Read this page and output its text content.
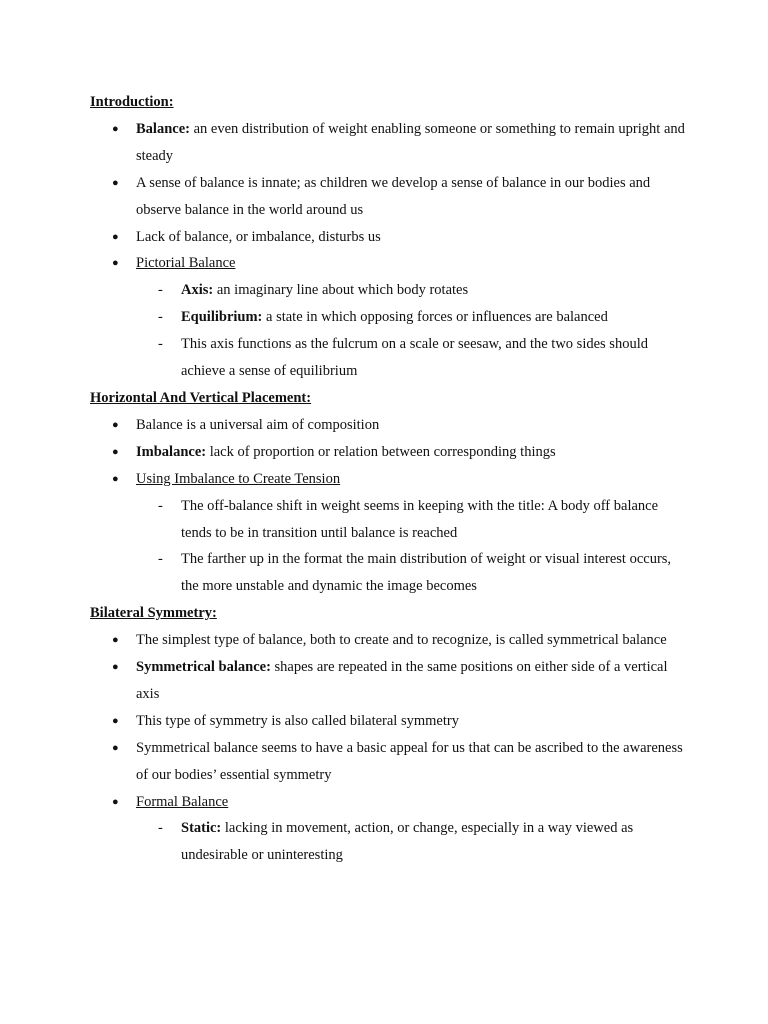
Introduction:

● Balance: an even distribution of weight enabling someone or something to remain upright and steady
● A sense of balance is innate; as children we develop a sense of balance in our bodies and observe balance in the world around us
● Lack of balance, or imbalance, disturbs us
● Pictorial Balance
- Axis: an imaginary line about which body rotates
- Equilibrium: a state in which opposing forces or influences are balanced
- This axis functions as the fulcrum on a scale or seesaw, and the two sides should achieve a sense of equilibrium

Horizontal And Vertical Placement:

● Balance is a universal aim of composition
● Imbalance: lack of proportion or relation between corresponding things
● Using Imbalance to Create Tension
- The off-balance shift in weight seems in keeping with the title: A body off balance tends to be in transition until balance is reached
- The farther up in the format the main distribution of weight or visual interest occurs, the more unstable and dynamic the image becomes

Bilateral Symmetry:

● The simplest type of balance, both to create and to recognize, is called symmetrical balance
● Symmetrical balance: shapes are repeated in the same positions on either side of a vertical axis
● This type of symmetry is also called bilateral symmetry
● Symmetrical balance seems to have a basic appeal for us that can be ascribed to the awareness of our bodies’ essential symmetry
● Formal Balance
- Static: lacking in movement, action, or change, especially in a way viewed as undesirable or uninteresting
